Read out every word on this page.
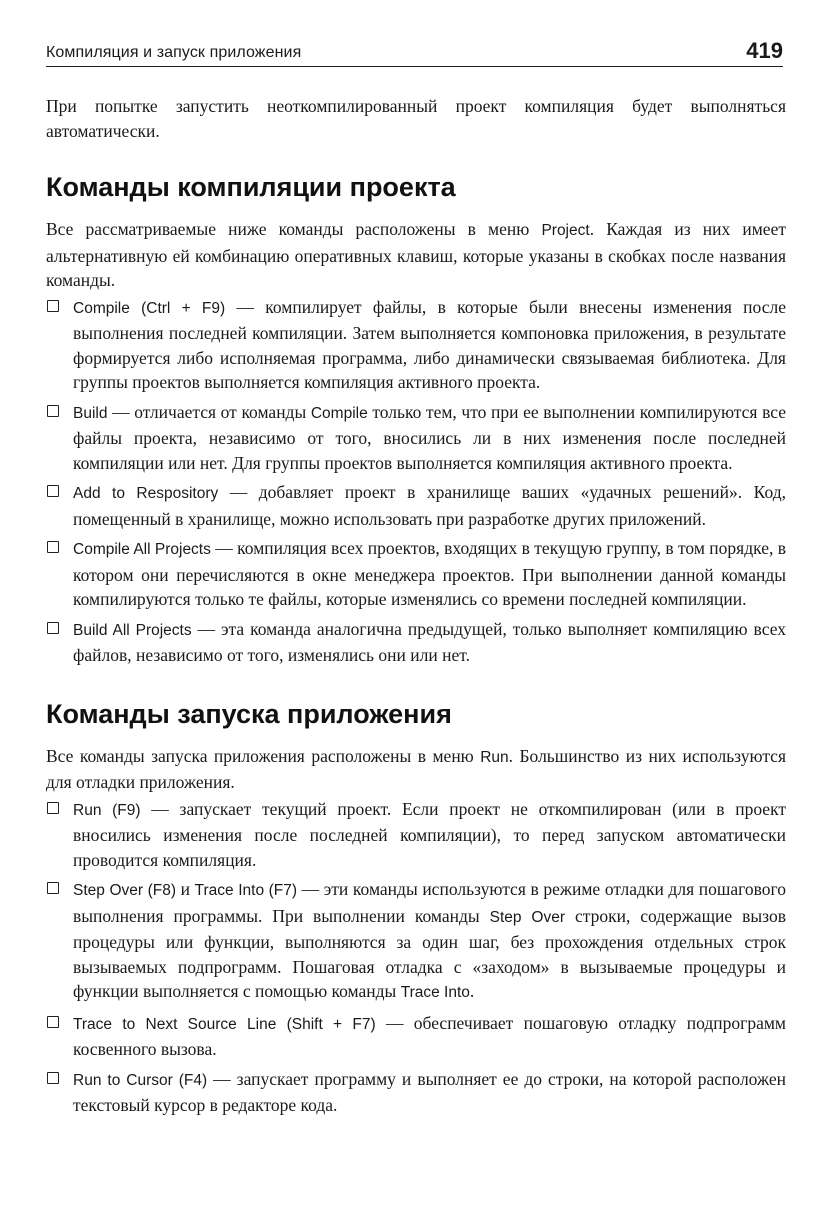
Компиляция и запуск приложения	419

При попытке запустить неоткомпилированный проект компиляция будет выполняться автоматически.

Команды компиляции проекта

Все рассматриваемые ниже команды расположены в меню Project. Каждая из них имеет альтернативную ей комбинацию оперативных клавиш, которые указаны в скобках после названия команды.

Compile (Ctrl + F9) — компилирует файлы, в которые были внесены изменения после выполнения последней компиляции. Затем выполняется компоновка приложения, в результате формируется либо исполняемая программа, либо динамически связываемая библиотека. Для группы проектов выполняется компиляция активного проекта.
Build — отличается от команды Compile только тем, что при ее выполнении компилируются все файлы проекта, независимо от того, вносились ли в них изменения после последней компиляции или нет. Для группы проектов выполняется компиляция активного проекта.
Add to Respository — добавляет проект в хранилище ваших «удачных решений». Код, помещенный в хранилище, можно использовать при разработке других приложений.
Compile All Projects — компиляция всех проектов, входящих в текущую группу, в том порядке, в котором они перечисляются в окне менеджера проектов. При выполнении данной команды компилируются только те файлы, которые изменялись со времени последней компиляции.
Build All Projects — эта команда аналогична предыдущей, только выполняет компиляцию всех файлов, независимо от того, изменялись они или нет.
Команды запуска приложения

Все команды запуска приложения расположены в меню Run. Большинство из них используются для отладки приложения.

Run (F9) — запускает текущий проект. Если проект не откомпилирован (или в проект вносились изменения после последней компиляции), то перед запуском автоматически проводится компиляция.
Step Over (F8) и Trace Into (F7) — эти команды используются в режиме отладки для пошагового выполнения программы. При выполнении команды Step Over строки, содержащие вызов процедуры или функции, выполняются за один шаг, без прохождения отдельных строк вызываемых подпрограмм. Пошаговая отладка с «заходом» в вызываемые процедуры и функции выполняется с помощью команды Trace Into.
Trace to Next Source Line (Shift + F7) — обеспечивает пошаговую отладку подпрограмм косвенного вызова.
Run to Cursor (F4) — запускает программу и выполняет ее до строки, на которой расположен текстовый курсор в редакторе кода.
